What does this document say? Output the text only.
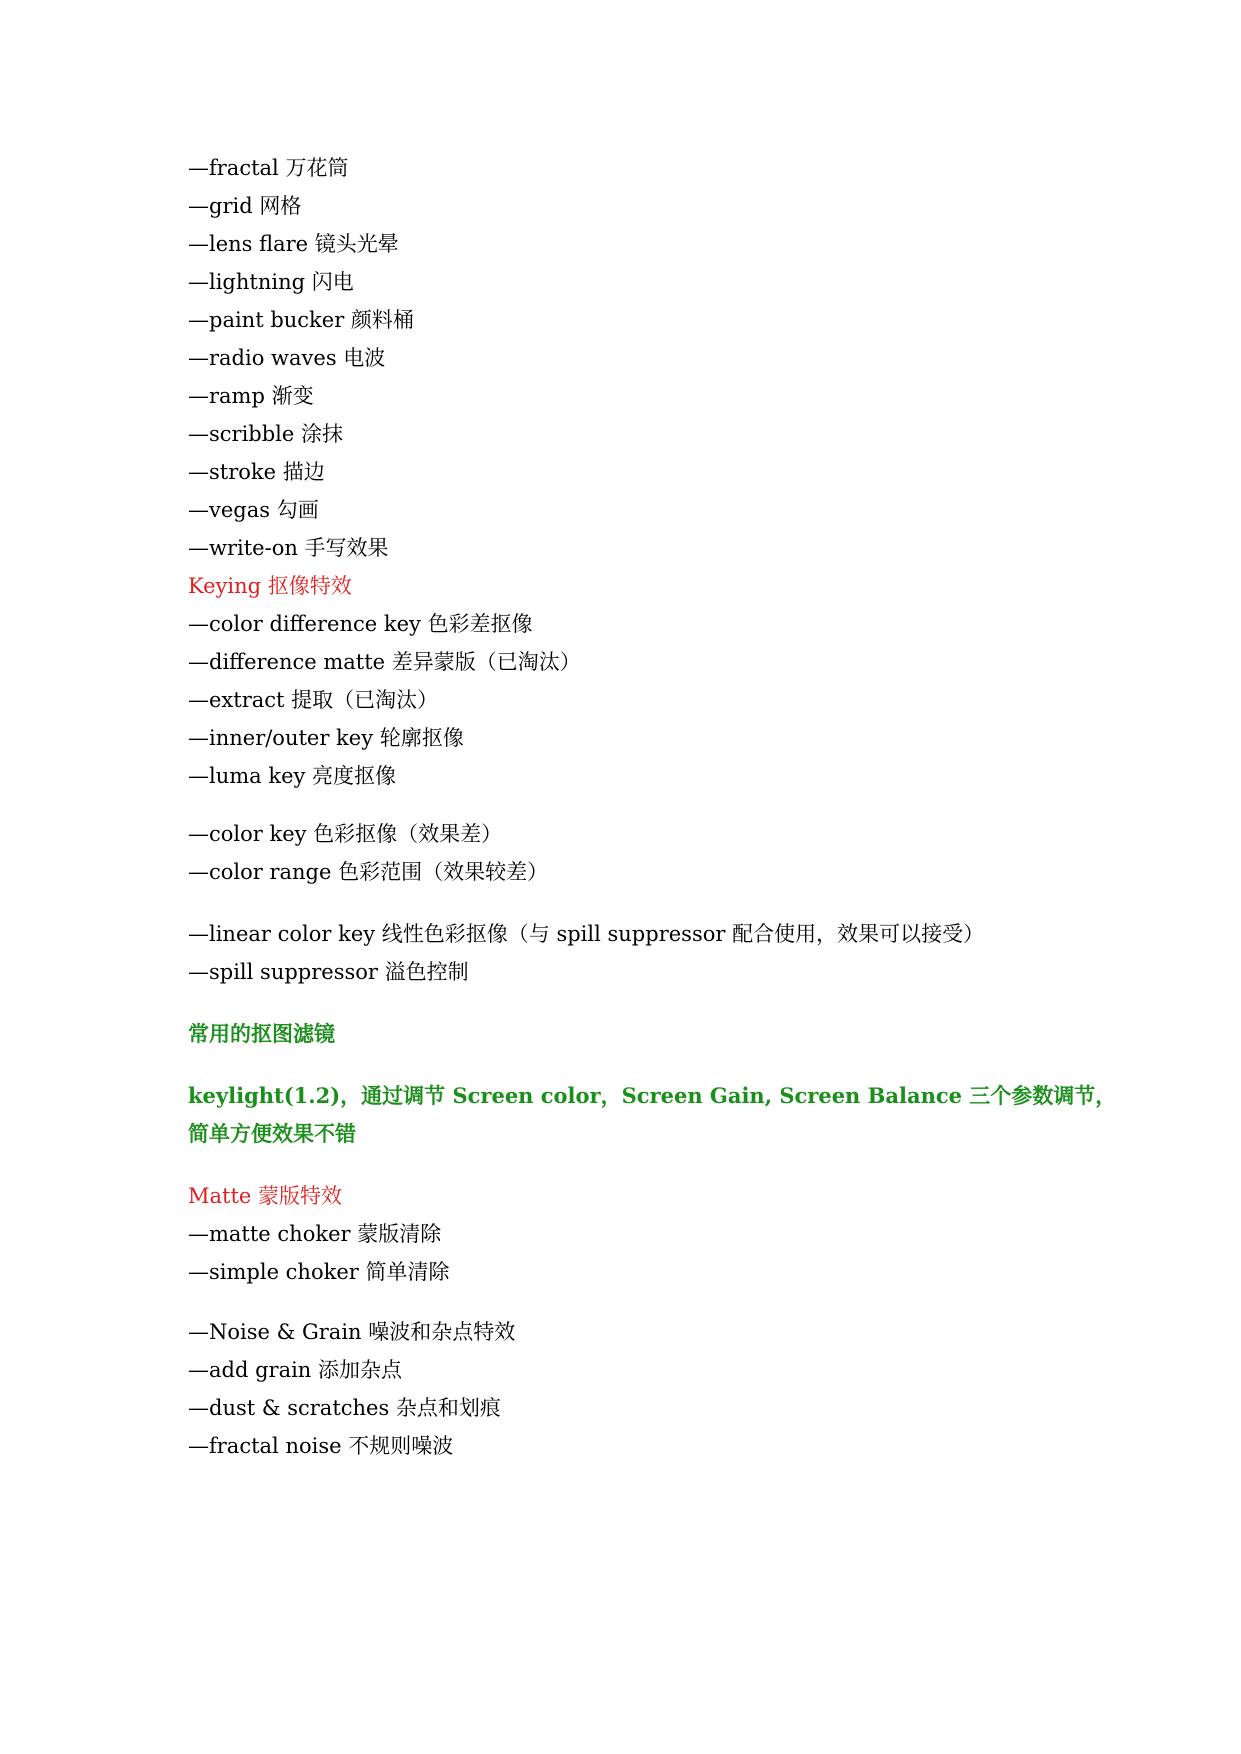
—fractal 万花筒

—grid 网格

—lens flare 镜头光晕

—lightning 闪电

—paint bucker 颜料桶

—radio waves 电波

—ramp 渐变

—scribble 涂抹

—stroke 描边

—vegas 勾画

—write-on 手写效果

Keying 抠像特效

—color difference key 色彩差抠像

—difference matte 差异蒙版（已淘汰）

—extract 提取（已淘汰）

—inner/outer key 轮廓抠像

—luma key 亮度抠像

—color key 色彩抠像（效果差）

—color range 色彩范围（效果较差）

—linear color key 线性色彩抠像（与 spill suppressor 配合使用，效果可以接受）

—spill suppressor 溢色控制

常用的抠图滤镜

keylight(1.2)，通过调节 Screen color，Screen Gain, Screen Balance 三个参数调节，

简单方便效果不错

Matte 蒙版特效

—matte choker 蒙版清除

—simple choker 简单清除

—Noise & Grain 噪波和杂点特效

—add grain 添加杂点

—dust & scratches 杂点和划痕

—fractal noise 不规则噪波
